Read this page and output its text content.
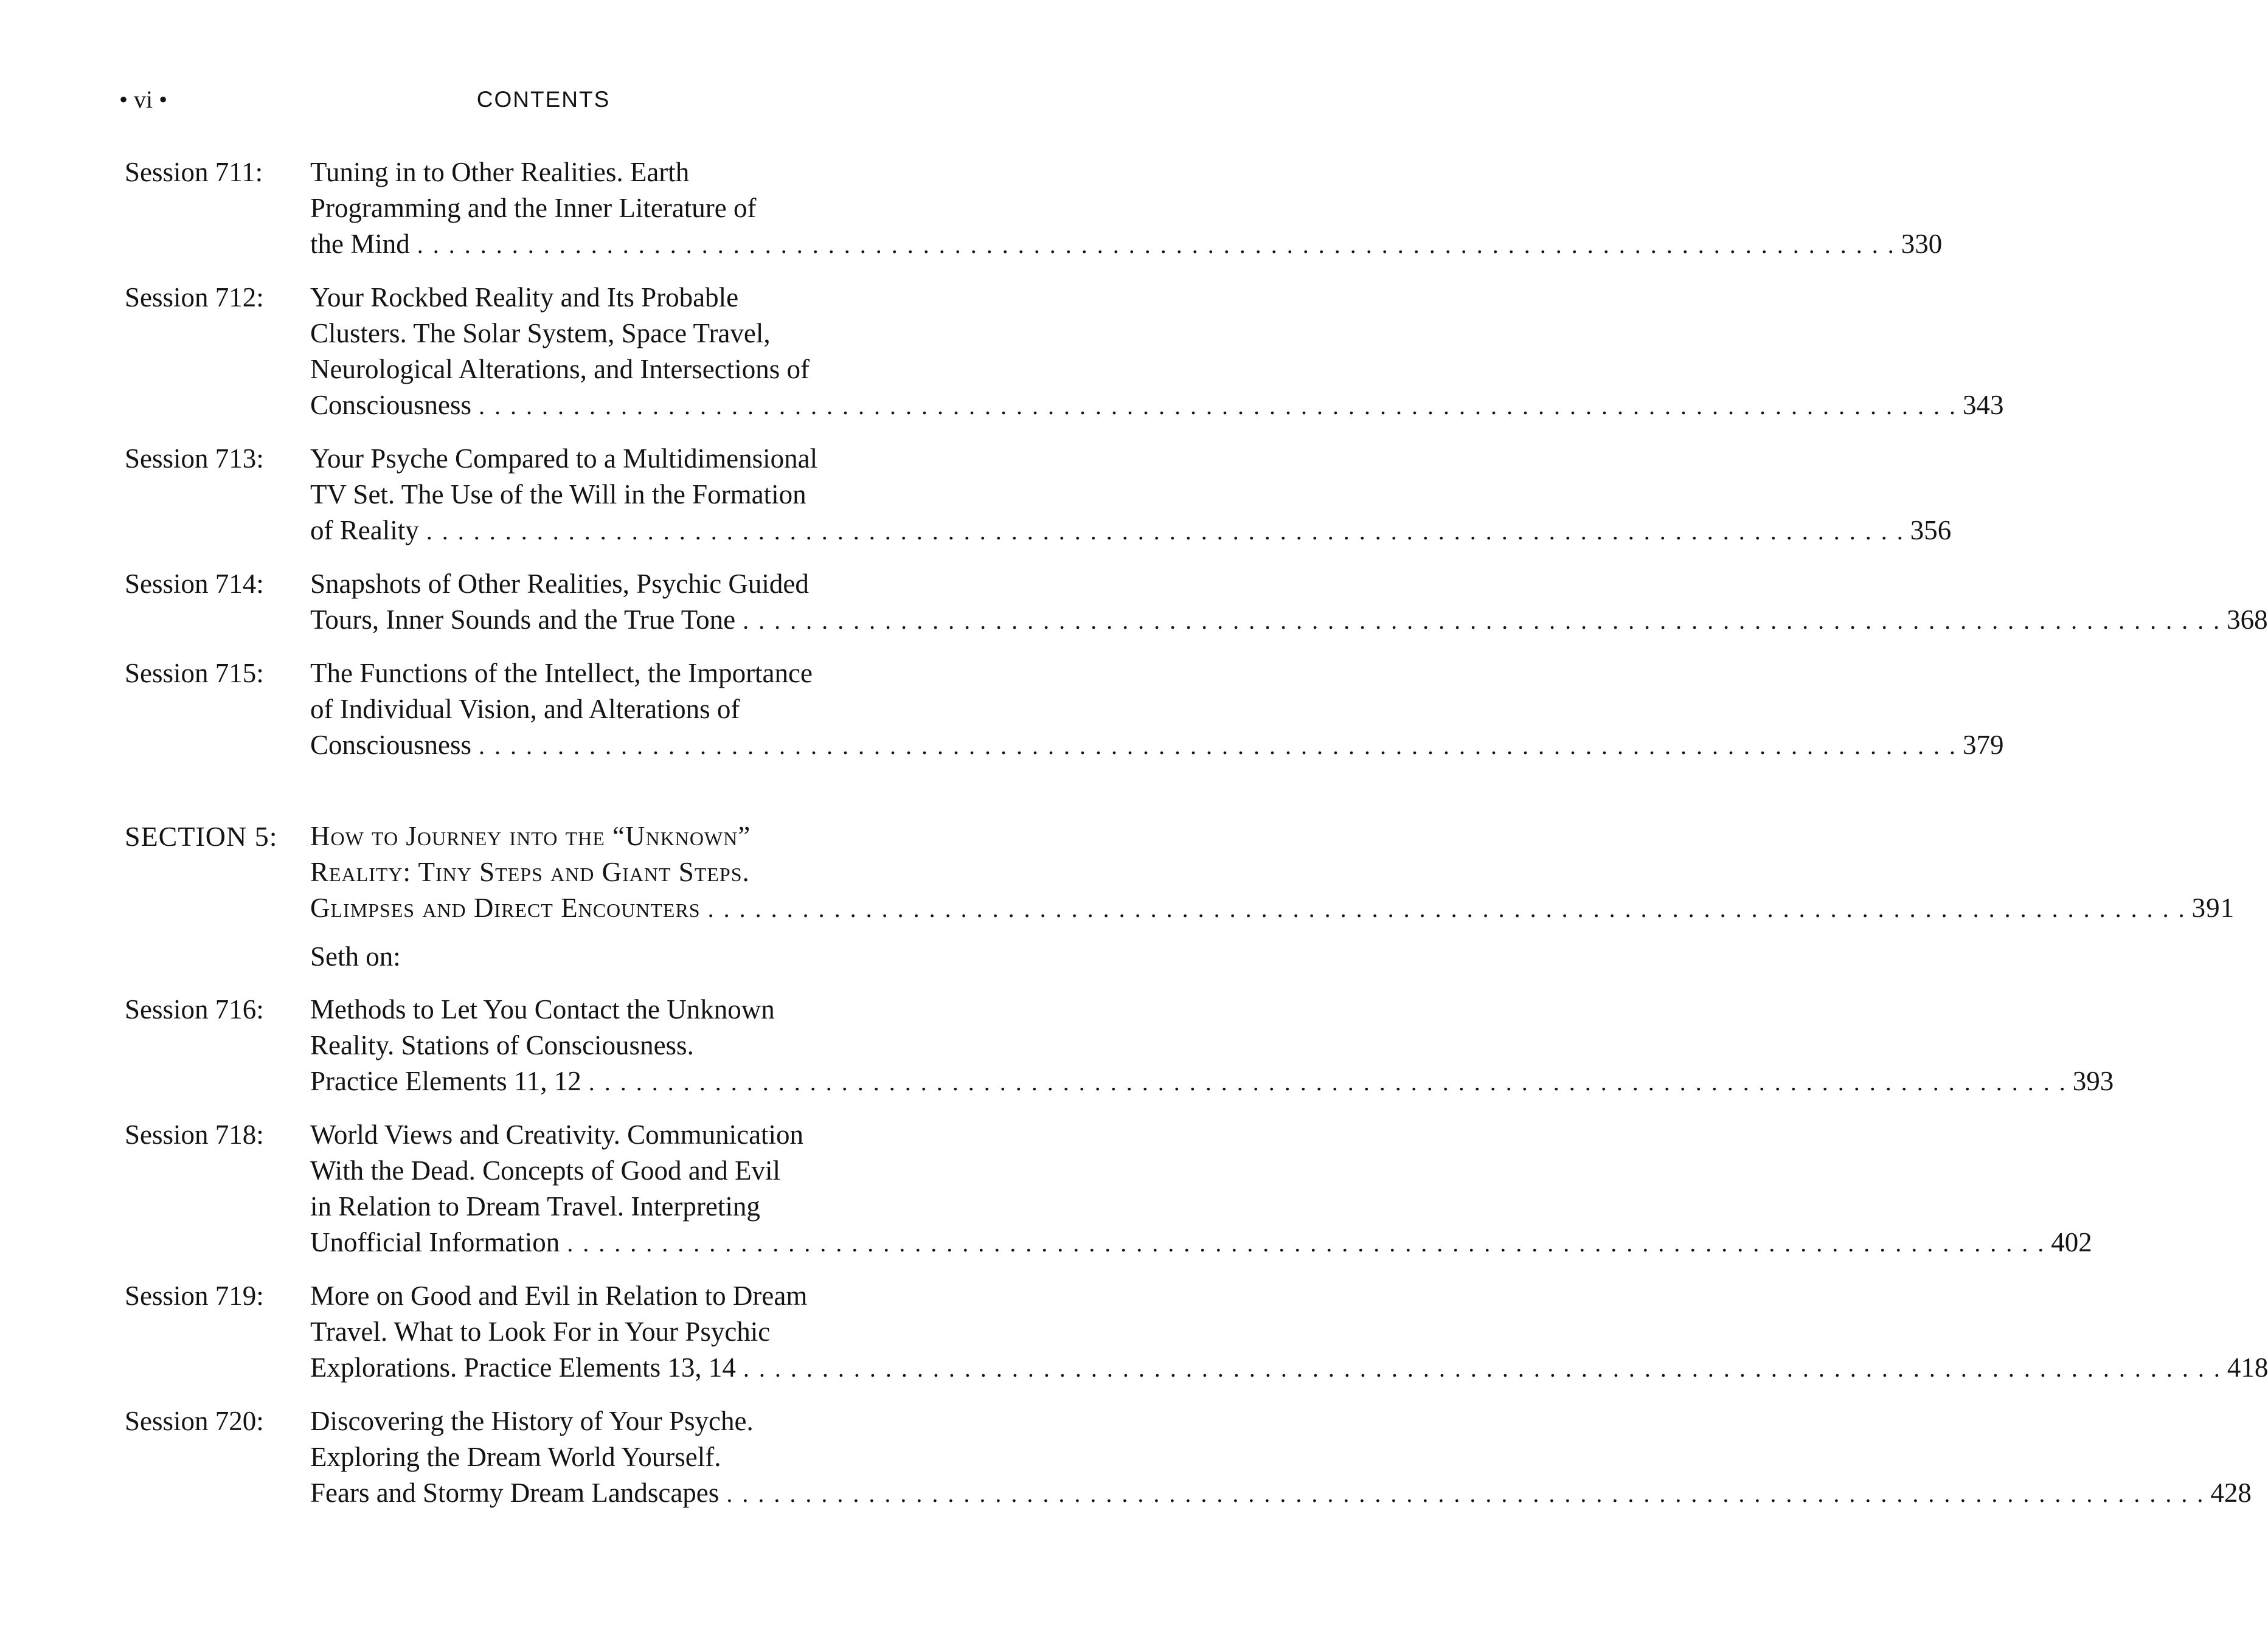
• vi •	CONTENTS
Session 711:	Tuning in to Other Realities. Earth
Programming and the Inner Literature of
the Mind . . .	330
Session 712:	Your Rockbed Reality and Its Probable
Clusters. The Solar System, Space Travel,
Neurological Alterations, and Intersections of
Consciousness . . .	343
Session 713:	Your Psyche Compared to a Multidimensional
TV Set. The Use of the Will in the Formation
of Reality . . .	356
Session 714:	Snapshots of Other Realities, Psychic Guided
Tours, Inner Sounds and the True Tone . . .	368
Session 715:	The Functions of the Intellect, the Importance
of Individual Vision, and Alterations of
Consciousness . . .	379
SECTION 5:	How to Journey into the “Unknown”
Reality: Tiny Steps and Giant Steps.
Glimpses and Direct Encounters . . .	391
Seth on:
Session 716:	Methods to Let You Contact the Unknown
Reality. Stations of Consciousness.
Practice Elements 11, 12 . . .	393
Session 718:	World Views and Creativity. Communication
With the Dead. Concepts of Good and Evil
in Relation to Dream Travel. Interpreting
Unofficial Information . . .	402
Session 719:	More on Good and Evil in Relation to Dream
Travel. What to Look For in Your Psychic
Explorations. Practice Elements 13, 14 . . .	418
Session 720:	Discovering the History of Your Psyche.
Exploring the Dream World Yourself.
Fears and Stormy Dream Landscapes . . .	428
